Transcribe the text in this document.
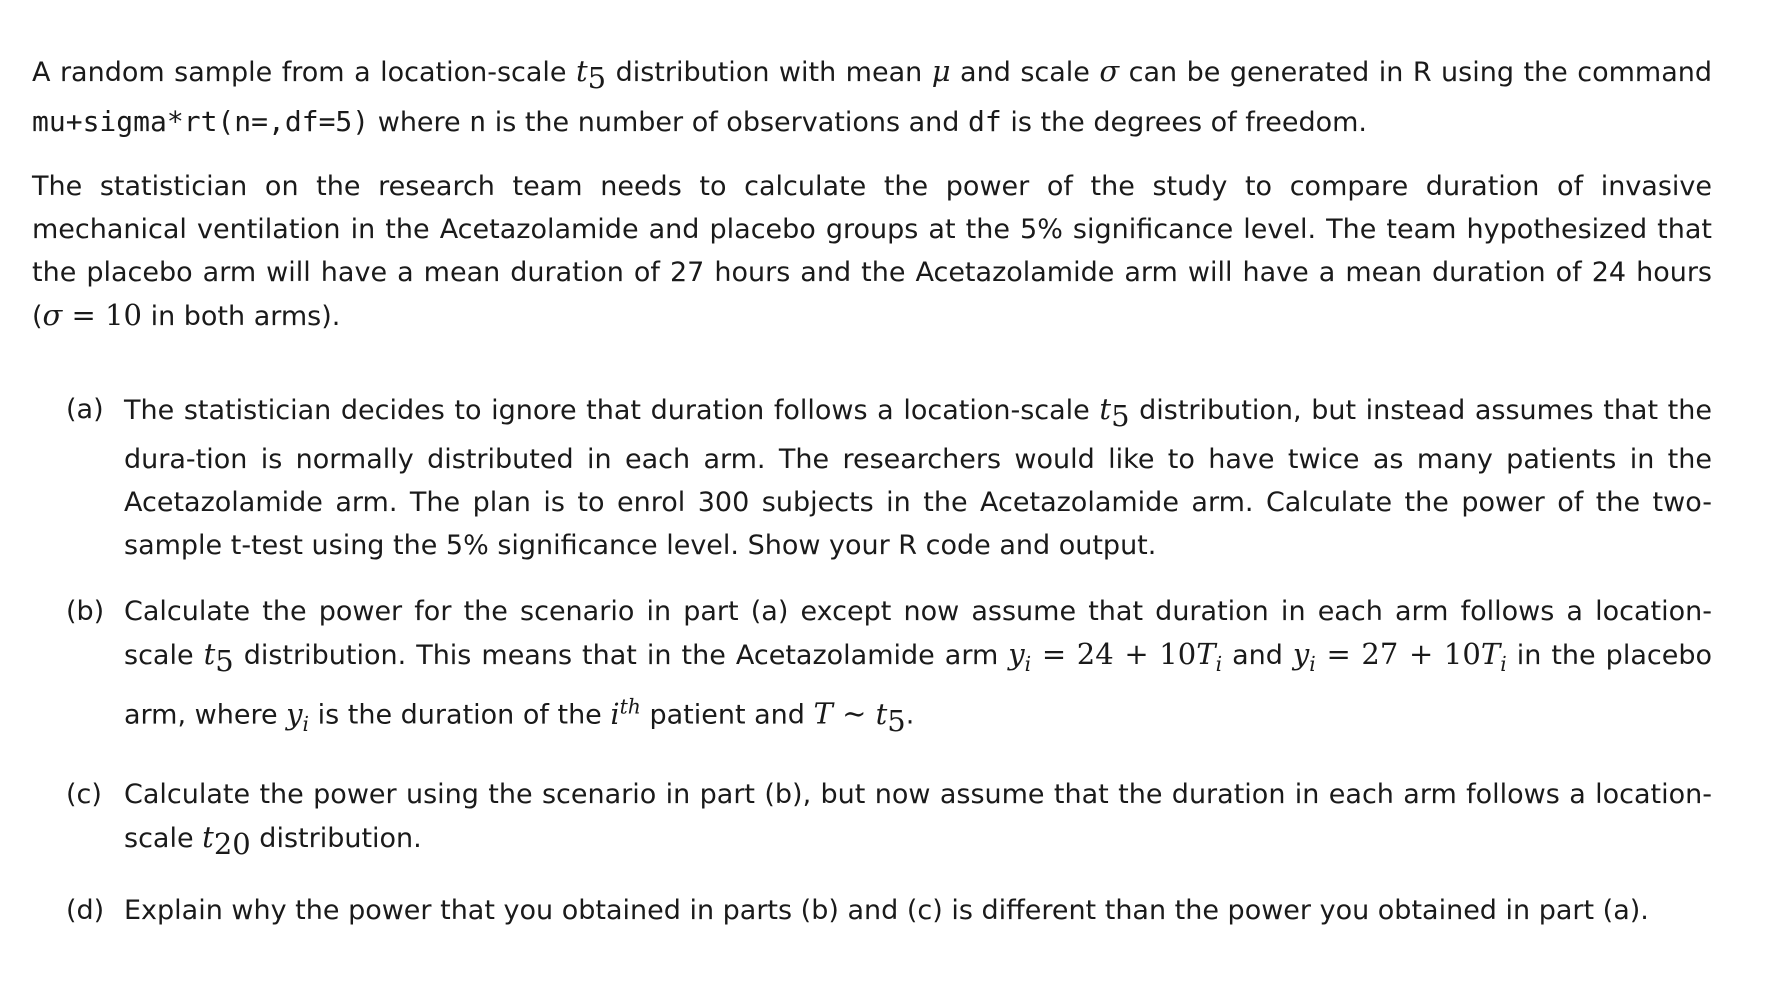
A random sample from a location-scale $t_5$ distribution with mean μ and scale σ can be generated in R using the command mu+sigma*rt(n=,df=5) where n is the number of observations and df is the degrees of freedom.

The statistician on the research team needs to calculate the power of the study to compare duration of invasive mechanical ventilation in the Acetazolamide and placebo groups at the 5% significance level. The team hypothesized that the placebo arm will have a mean duration of 27 hours and the Acetazolamide arm will have a mean duration of 24 hours (σ = 10 in both arms).

(a) The statistician decides to ignore that duration follows a location-scale $t_5$ distribution, but instead assumes that the dura-tion is normally distributed in each arm. The researchers would like to have twice as many patients in the Acetazolamide arm. The plan is to enrol 300 subjects in the Acetazolamide arm. Calculate the power of the two-sample t-test using the 5% significance level. Show your R code and output.
(b) Calculate the power for the scenario in part (a) except now assume that duration in each arm follows a location-scale $t_5$ distribution. This means that in the Acetazolamide arm $y_i = 24 + 10T_i$ and $y_i = 27 + 10T_i$ in the placebo arm, where $y_i$ is the duration of the $i^{th}$ patient and T ∼ $t_5$.
(c) Calculate the power using the scenario in part (b), but now assume that the duration in each arm follows a location-scale $t_{20}$ distribution.
(d) Explain why the power that you obtained in parts (b) and (c) is different than the power you obtained in part (a).
